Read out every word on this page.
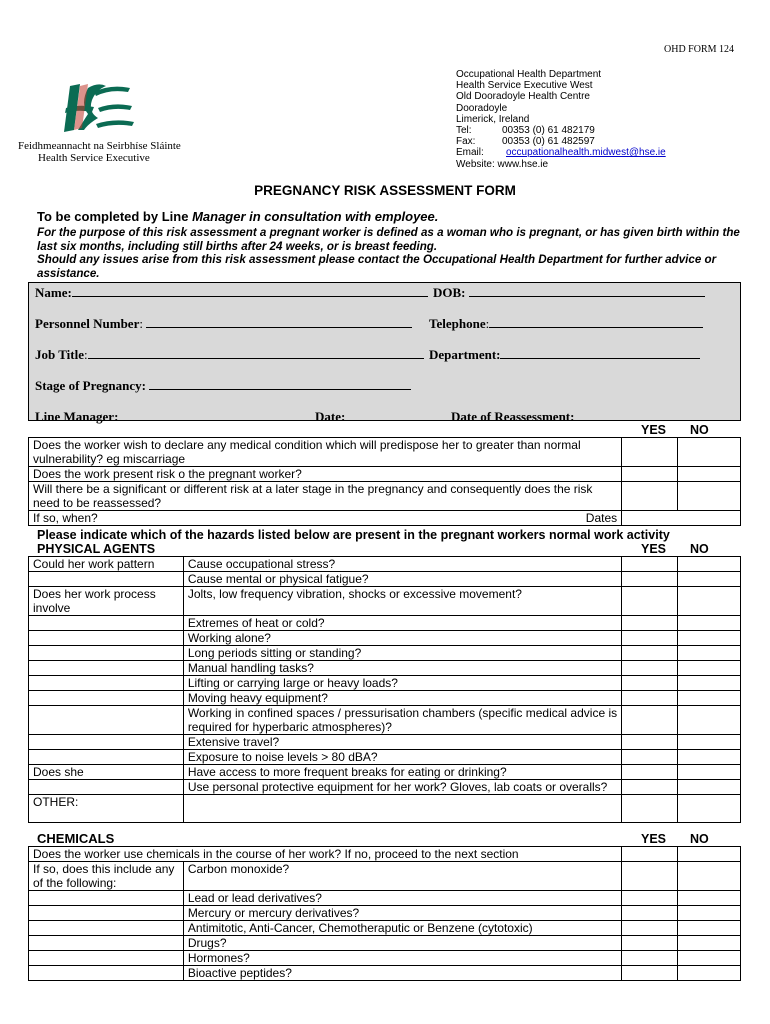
OHD FORM 124
Feidhmeannacht na Seirbhíse Sláinte
Health Service Executive
Occupational Health Department
Health Service Executive West
Old Dooradoyle Health Centre
Dooradoyle
Limerick, Ireland
Tel:	00353 (0) 61 482179
Fax:	00353 (0) 61 482597
Email: occupationalhealth.midwest@hse.ie
Website: www.hse.ie
PREGNANCY RISK ASSESSMENT FORM
To be completed by Line Manager in consultation with employee.
For the purpose of this risk assessment a pregnant worker is defined as a woman who is pregnant, or has given birth within the last six months, including still births after 24 weeks, or is breast feeding.
Should any issues arise from this risk assessment please contact the Occupational Health Department for further advice or assistance.
Name:	DOB:
Personnel Number:	Telephone:
Job Title:	Department:
Stage of Pregnancy:
Line Manager:	Date:	Date of Reassessment:
YES NO
Does the worker wish to declare any medical condition which will predispose her to greater than normal vulnerability? eg miscarriage		
Does the work present risk o the pregnant worker?		
Will there be a significant or different risk at a later stage in the pregnancy and consequently does the risk need to be reassessed?		
If so, when? Dates		

Please indicate which of the hazards listed below are present in the pregnant workers normal work activity
PHYSICAL AGENTS	YES NO
Could her work pattern	Cause occupational stress?		
	Cause mental or physical fatigue?		
Does her work process involve	Jolts, low frequency vibration, shocks or excessive movement?		
	Extremes of heat or cold?		
	Working alone?		
	Long periods sitting or standing?		
	Manual handling tasks?		
	Lifting or carrying large or heavy loads?		
	Moving heavy equipment?		
	Working in confined spaces / pressurisation chambers (specific medical advice is required for hyperbaric atmospheres)?		
	Extensive travel?		
	Exposure to noise levels > 80 dBA?		
Does she	Have access to more frequent breaks for eating or drinking?		
	Use personal protective equipment for her work? Gloves, lab coats or overalls?		
OTHER:			
CHEMICALS	YES NO
Does the worker use chemicals in the course of her work? If no, proceed to the next section			
If so, does this include any of the following:	Carbon monoxide?		
	Lead or lead derivatives?		
	Mercury or mercury derivatives?		
	Antimitotic, Anti-Cancer, Chemotheraputic or Benzene (cytotoxic)		
	Drugs?		
	Hormones?		
	Bioactive peptides?		
